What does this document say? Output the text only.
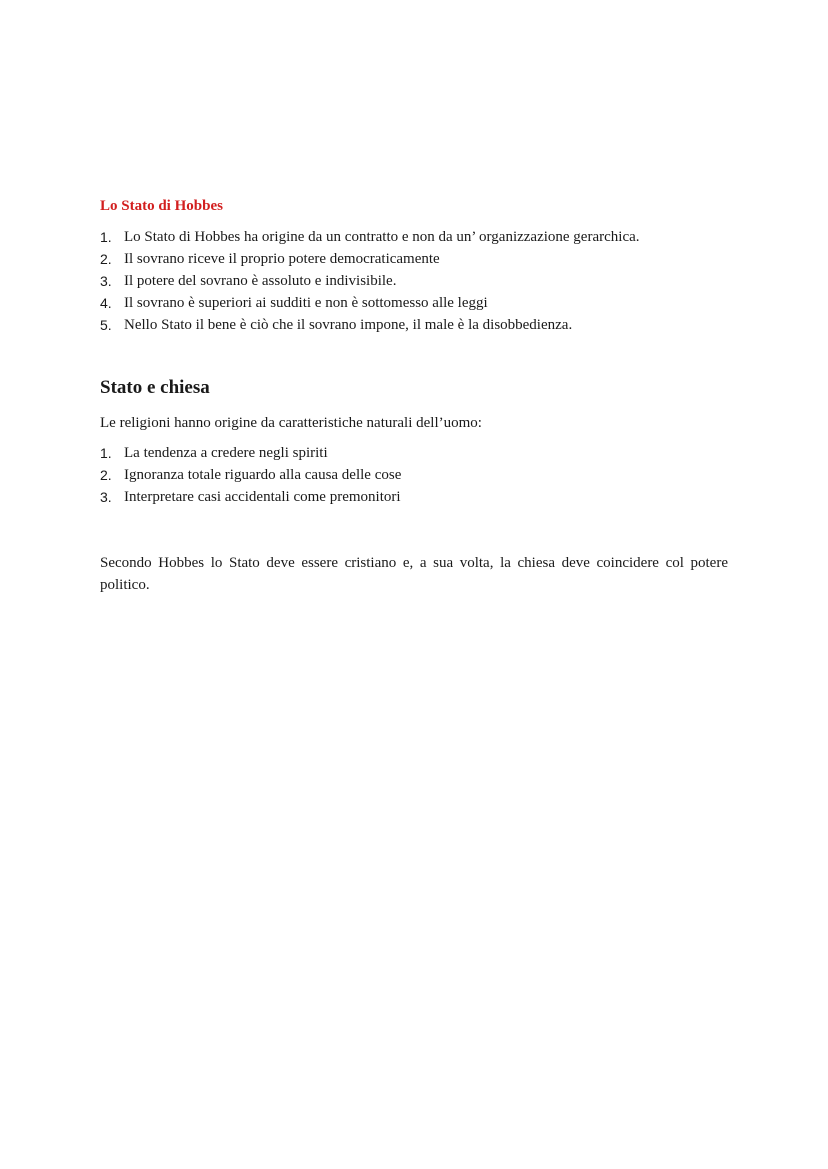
Lo Stato di Hobbes
1. Lo Stato di Hobbes ha origine da un contratto e non da un’ organizzazione gerarchica.
2. Il sovrano riceve il proprio potere democraticamente
3. Il potere del sovrano è assoluto e indivisibile.
4. Il sovrano è superiori ai sudditi e non è sottomesso alle leggi
5. Nello Stato il bene è ciò che il sovrano impone, il male è la disobbedienza.
Stato e chiesa

Le religioni hanno origine da caratteristiche naturali dell’uomo:

1. La tendenza a credere negli spiriti
2. Ignoranza totale riguardo alla causa delle cose
3. Interpretare casi accidentali come premonitori

Secondo Hobbes lo Stato deve essere cristiano e, a sua volta, la chiesa deve coincidere col potere politico.
